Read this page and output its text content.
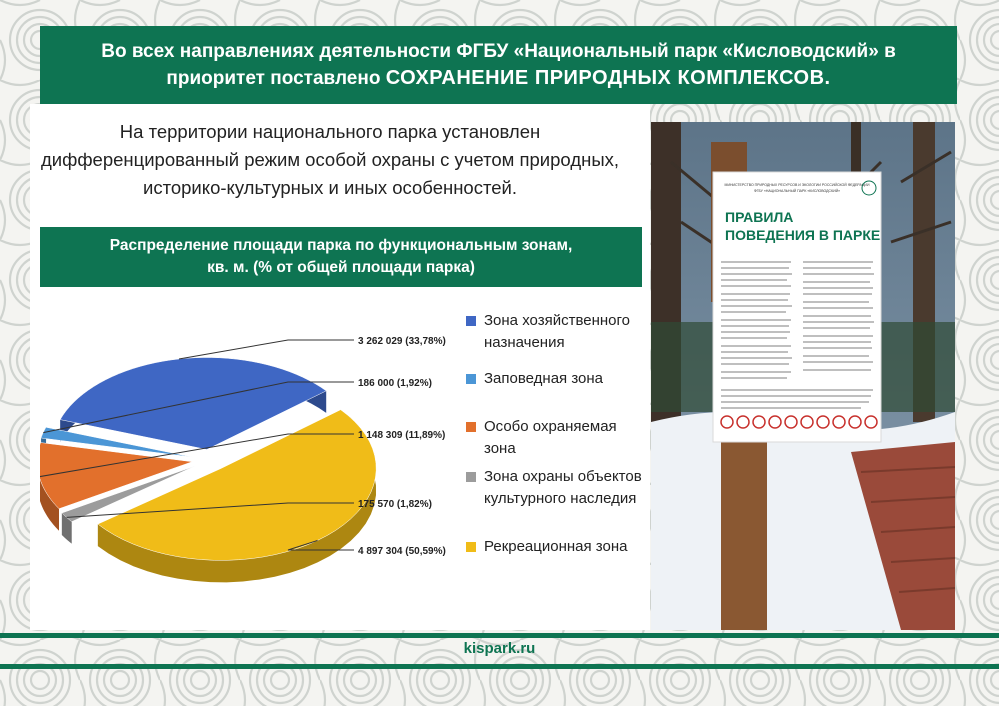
Во всех направлениях деятельности ФГБУ «Национальный парк «Кисловодский» в
приоритет поставлено СОХРАНЕНИЕ ПРИРОДНЫХ КОМПЛЕКСОВ.
На территории национального парка установлен
дифференцированный режим особой охраны с учетом природных,
историко-культурных и иных особенностей.
Распределение площади парка по функциональным зонам,
кв. м. (% от общей площади парка)
3 262 029 (33,78%)
186 000 (1,92%)
1 148 309 (11,89%)
175 570 (1,82%)
4 897 304 (50,59%)
Зона хозяйственного
назначения
Заповедная зона
Особо охраняемая зона
Зона охраны объектов
культурного наследия
Рекреационная зона
МИНИСТЕРСТВО ПРИРОДНЫХ РЕСУРСОВ И ЭКОЛОГИИ РОССИЙСКОЙ ФЕДЕРАЦИИ
ФГБУ «НАЦИОНАЛЬНЫЙ ПАРК «КИСЛОВОДСКИЙ»
ПРАВИЛА
ПОВЕДЕНИЯ В ПАРКЕ
kispark.ru
